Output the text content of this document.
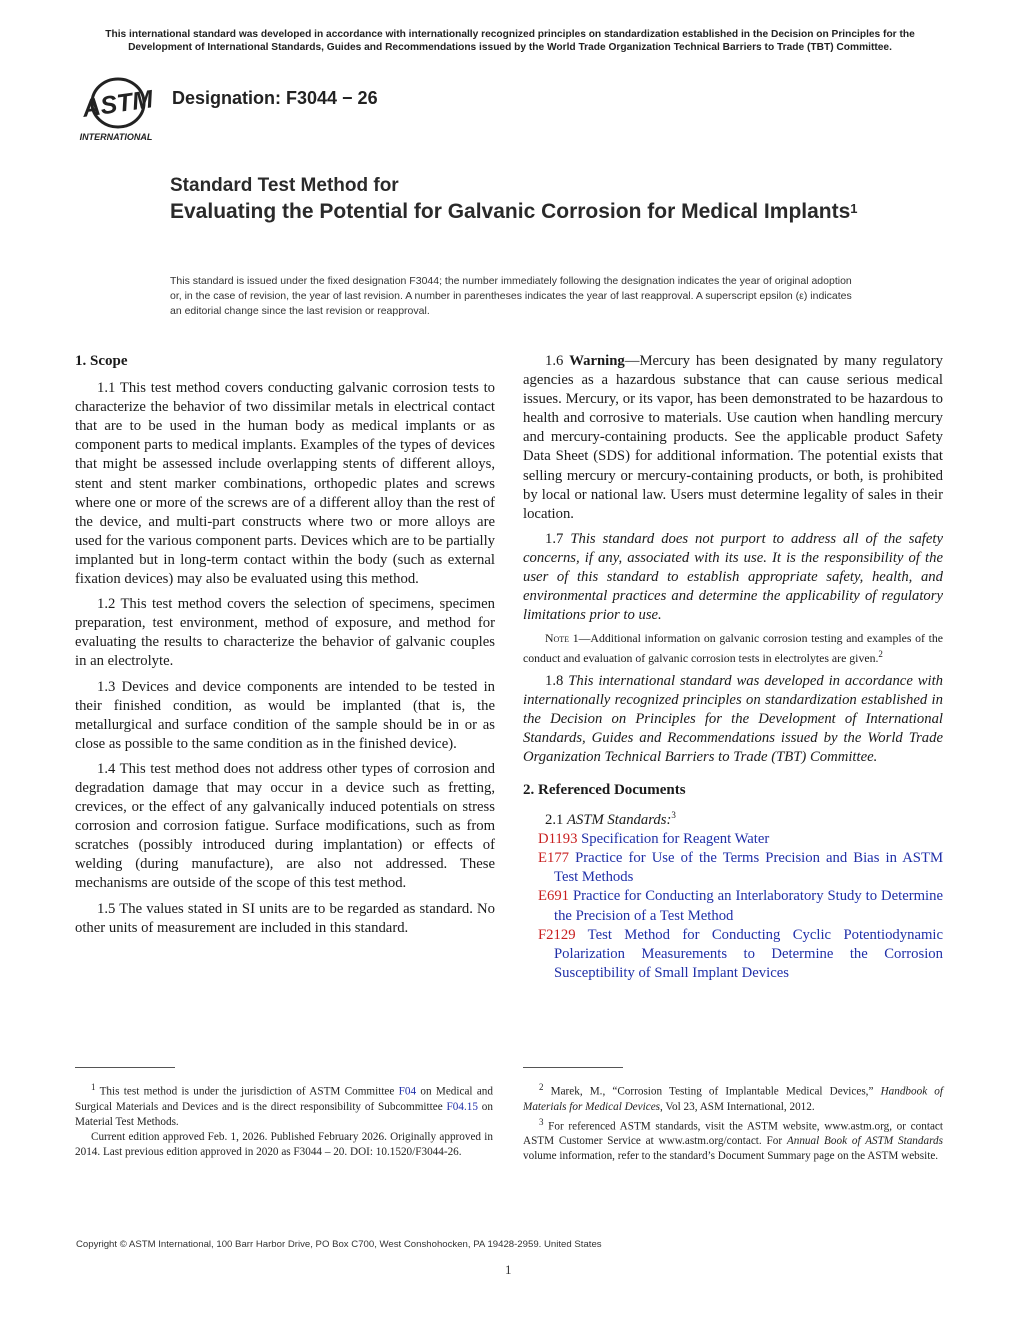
This international standard was developed in accordance with internationally recognized principles on standardization established in the Decision on Principles for the
Development of International Standards, Guides and Recommendations issued by the World Trade Organization Technical Barriers to Trade (TBT) Committee.
ASTM
INTERNATIONAL
Designation: F3044 − 26
Standard Test Method for
Evaluating the Potential for Galvanic Corrosion for Medical Implants$^1$
This standard is issued under the fixed designation F3044; the number immediately following the designation indicates the year of original adoption or, in the case of revision, the year of last revision. A number in parentheses indicates the year of last reapproval. A superscript epsilon (ε) indicates an editorial change since the last revision or reapproval.

1. Scope

1.1 This test method covers conducting galvanic corrosion tests to characterize the behavior of two dissimilar metals in electrical contact that are to be used in the human body as medical implants or as component parts to medical implants. Examples of the types of devices that might be assessed include overlapping stents of different alloys, stent and stent marker combinations, orthopedic plates and screws where one or more of the screws are of a different alloy than the rest of the device, and multi-part constructs where two or more alloys are used for the various component parts. Devices which are to be partially implanted but in long-term contact within the body (such as external fixation devices) may also be evaluated using this method.

1.2 This test method covers the selection of specimens, specimen preparation, test environment, method of exposure, and method for evaluating the results to characterize the behavior of galvanic couples in an electrolyte.

1.3 Devices and device components are intended to be tested in their finished condition, as would be implanted (that is, the metallurgical and surface condition of the sample should be in or as close as possible to the same condition as in the finished device).

1.4 This test method does not address other types of corrosion and degradation damage that may occur in a device such as fretting, crevices, or the effect of any galvanically induced potentials on stress corrosion and corrosion fatigue. Surface modifications, such as from scratches (possibly introduced during implantation) or effects of welding (during manufacture), are also not addressed. These mechanisms are outside of the scope of this test method.

1.5 The values stated in SI units are to be regarded as standard. No other units of measurement are included in this standard.

1.6 Warning—Mercury has been designated by many regulatory agencies as a hazardous substance that can cause serious medical issues. Mercury, or its vapor, has been demonstrated to be hazardous to health and corrosive to materials. Use caution when handling mercury and mercury-containing products. See the applicable product Safety Data Sheet (SDS) for additional information. The potential exists that selling mercury or mercury-containing products, or both, is prohibited by local or national law. Users must determine legality of sales in their location.

1.7 This standard does not purport to address all of the safety concerns, if any, associated with its use. It is the responsibility of the user of this standard to establish appropriate safety, health, and environmental practices and determine the applicability of regulatory limitations prior to use.

Note 1—Additional information on galvanic corrosion testing and examples of the conduct and evaluation of galvanic corrosion tests in electrolytes are given.$^2$

1.8 This international standard was developed in accordance with internationally recognized principles on standardization established in the Decision on Principles for the Development of International Standards, Guides and Recommendations issued by the World Trade Organization Technical Barriers to Trade (TBT) Committee.

2. Referenced Documents

2.1 ASTM Standards:$^3$

D1193 Specification for Reagent Water

E177 Practice for Use of the Terms Precision and Bias in ASTM Test Methods

E691 Practice for Conducting an Interlaboratory Study to Determine the Precision of a Test Method

F2129 Test Method for Conducting Cyclic Potentiodynamic Polarization Measurements to Determine the Corrosion Susceptibility of Small Implant Devices

$^1$ This test method is under the jurisdiction of ASTM Committee F04 on Medical and Surgical Materials and Devices and is the direct responsibility of Subcommittee F04.15 on Material Test Methods.

Current edition approved Feb. 1, 2026. Published February 2026. Originally approved in 2014. Last previous edition approved in 2020 as F3044 – 20. DOI: 10.1520/F3044-26.

$^2$ Marek, M., “Corrosion Testing of Implantable Medical Devices,” Handbook of Materials for Medical Devices, Vol 23, ASM International, 2012.

$^3$ For referenced ASTM standards, visit the ASTM website, www.astm.org, or contact ASTM Customer Service at www.astm.org/contact. For Annual Book of ASTM Standards volume information, refer to the standard’s Document Summary page on the ASTM website.

Copyright © ASTM International, 100 Barr Harbor Drive, PO Box C700, West Conshohocken, PA 19428-2959. United States
1
